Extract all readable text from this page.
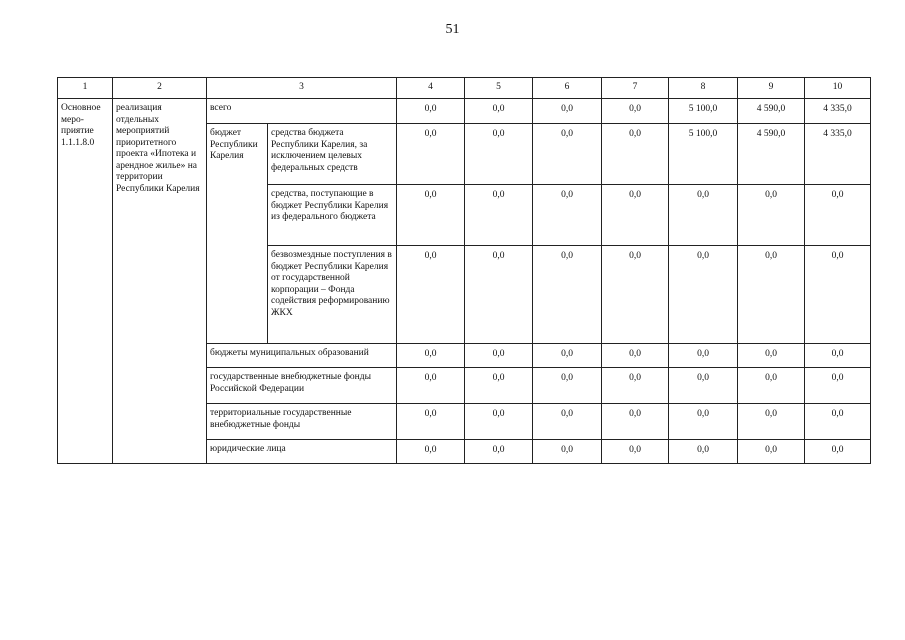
51
1	2	3		4	5	6	7	8	9	10
Основное меро-приятие 1.1.1.8.0	реализация отдельных мероприятий приоритетного проекта «Ипотека и арендное жилье» на территории Республики Карелия	всего		0,0	0,0	0,0	0,0	5 100,0	4 590,0	4 335,0
		бюджет Республики Карелия	средства бюджета Республики Карелия, за исключением целевых федеральных средств	0,0	0,0	0,0	0,0	5 100,0	4 590,0	4 335,0
			средства, поступающие в бюджет Республики Карелия из федерального бюджета	0,0	0,0	0,0	0,0	0,0	0,0	0,0
			безвозмездные поступления в бюджет Республики Карелия от государственной корпорации – Фонда содействия реформированию ЖКХ	0,0	0,0	0,0	0,0	0,0	0,0	0,0
		бюджеты муниципальных образований		0,0	0,0	0,0	0,0	0,0	0,0	0,0
		государственные внебюджетные фонды Российской Федерации		0,0	0,0	0,0	0,0	0,0	0,0	0,0
		территориальные государственные внебюджетные фонды		0,0	0,0	0,0	0,0	0,0	0,0	0,0
		юридические лица		0,0	0,0	0,0	0,0	0,0	0,0	0,0
